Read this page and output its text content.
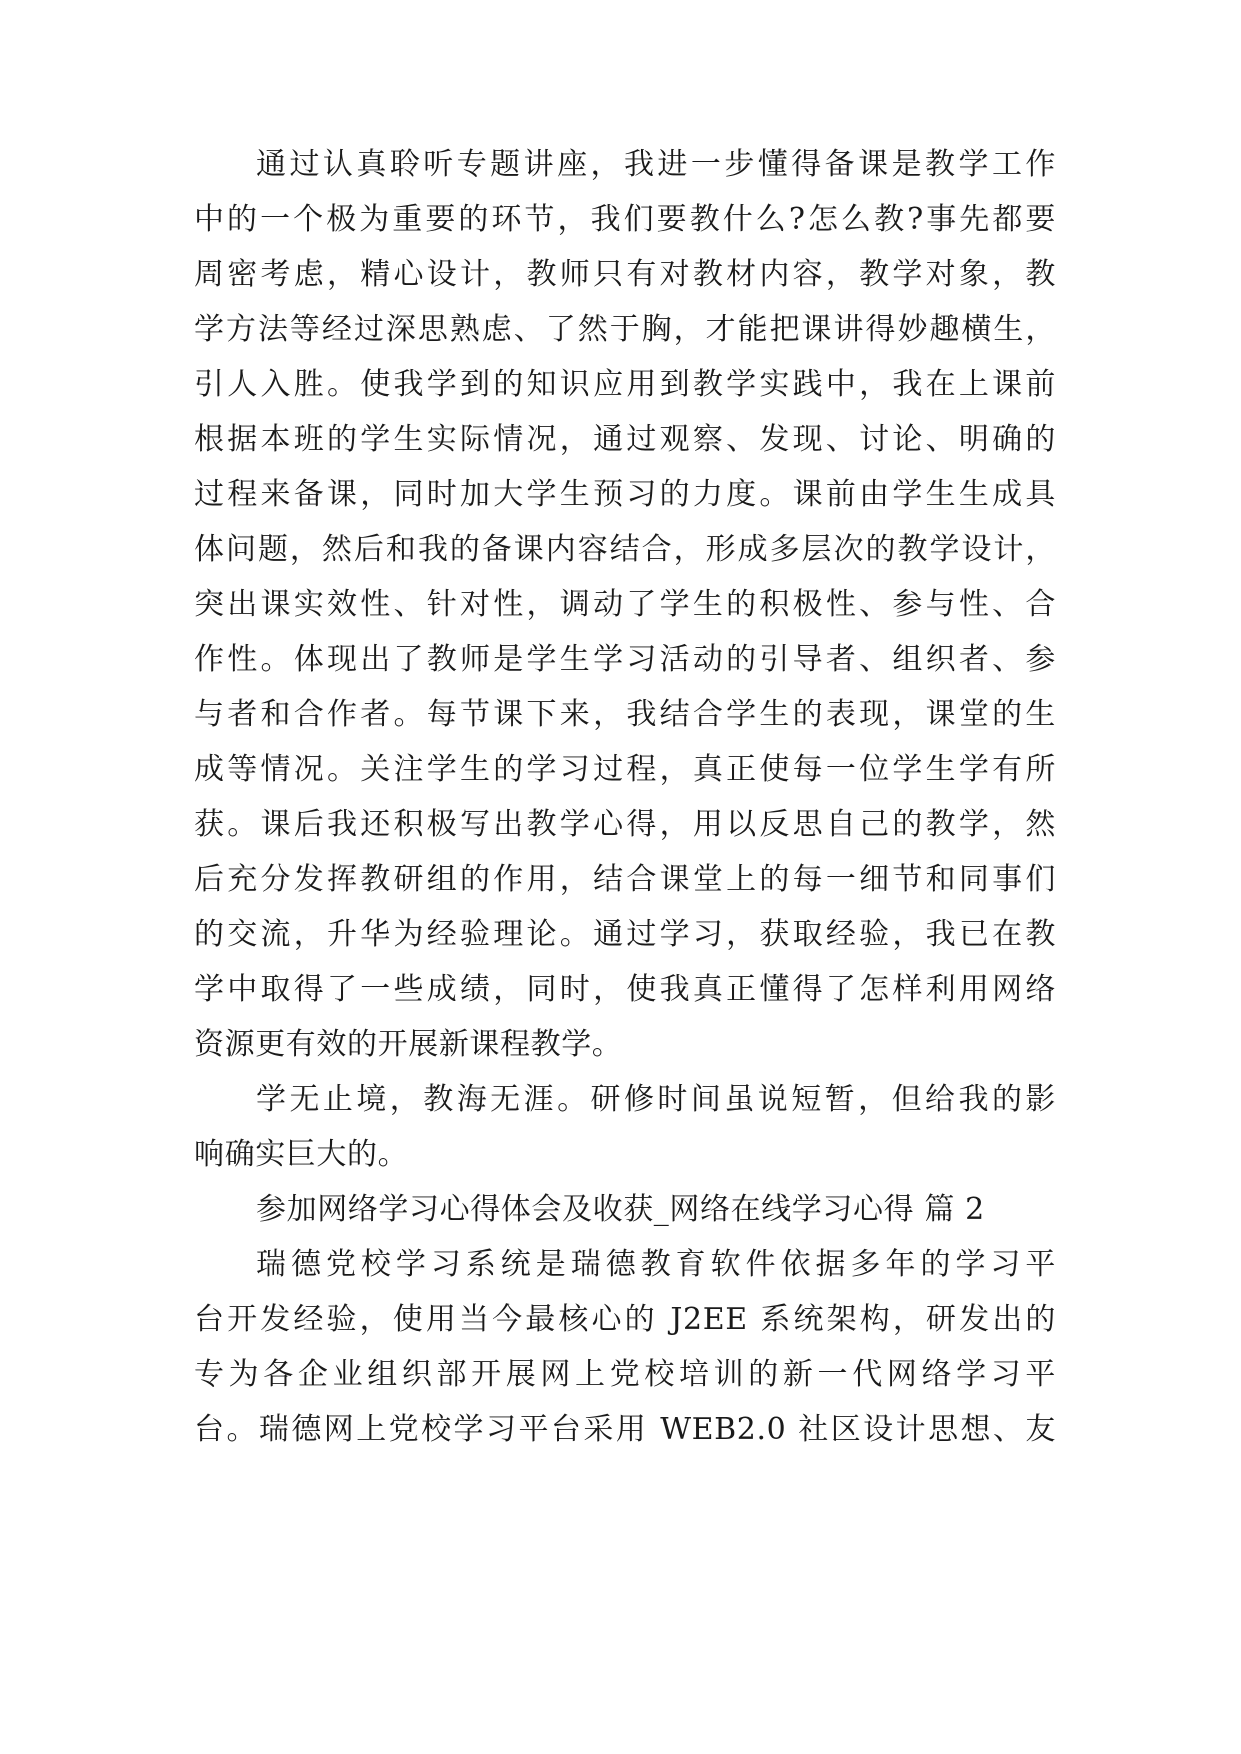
通过认真聆听专题讲座，我进一步懂得备课是教学工作
中的一个极为重要的环节，我们要教什么?怎么教?事先都要
周密考虑，精心设计，教师只有对教材内容，教学对象，教
学方法等经过深思熟虑、了然于胸，才能把课讲得妙趣横生，
引人入胜。使我学到的知识应用到教学实践中，我在上课前
根据本班的学生实际情况，通过观察、发现、讨论、明确的
过程来备课，同时加大学生预习的力度。课前由学生生成具
体问题，然后和我的备课内容结合，形成多层次的教学设计，
突出课实效性、针对性，调动了学生的积极性、参与性、合
作性。体现出了教师是学生学习活动的引导者、组织者、参
与者和合作者。每节课下来，我结合学生的表现，课堂的生
成等情况。关注学生的学习过程，真正使每一位学生学有所
获。课后我还积极写出教学心得，用以反思自己的教学，然
后充分发挥教研组的作用，结合课堂上的每一细节和同事们
的交流，升华为经验理论。通过学习，获取经验，我已在教
学中取得了一些成绩，同时，使我真正懂得了怎样利用网络
资源更有效的开展新课程教学。
学无止境，教海无涯。研修时间虽说短暂，但给我的影
响确实巨大的。
参加网络学习心得体会及收获_网络在线学习心得 篇 2
瑞德党校学习系统是瑞德教育软件依据多年的学习平
台开发经验，使用当今最核心的 J2EE 系统架构，研发出的
专为各企业组织部开展网上党校培训的新一代网络学习平
台。瑞德网上党校学习平台采用 WEB2.0 社区设计思想、友
